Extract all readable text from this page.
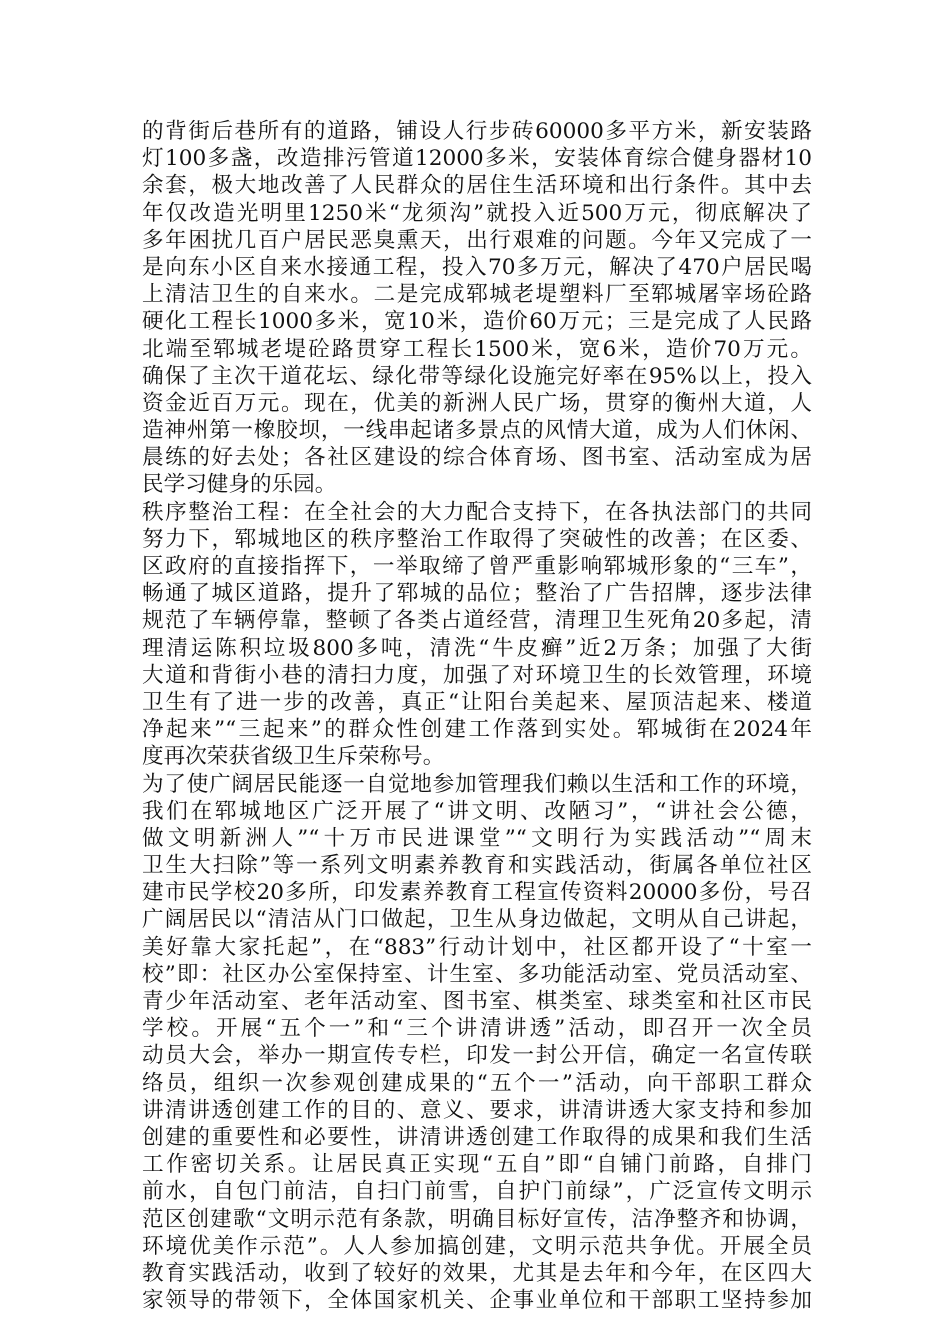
的背街后巷所有的道路，铺设人行步砖60000多平方米，新安装路
灯100多盏，改造排污管道12000多米，安装体育综合健身器材10
余套，极大地改善了人民群众的居住生活环境和出行条件。其中去
年仅改造光明里1250米“龙须沟”就投入近500万元，彻底解决了
多年困扰几百户居民恶臭熏天，出行艰难的问题。今年又完成了一
是向东小区自来水接通工程，投入70多万元，解决了470户居民喝
上清洁卫生的自来水。二是完成郓城老堤塑料厂至郓城屠宰场砼路
硬化工程长1000多米，宽10米，造价60万元；三是完成了人民路
北端至郓城老堤砼路贯穿工程长1500米，宽6米，造价70万元。
确保了主次干道花坛、绿化带等绿化设施完好率在95%以上，投入
资金近百万元。现在，优美的新洲人民广场，贯穿的衡州大道，人
造神州第一橡胶坝，一线串起诸多景点的风情大道，成为人们休闲、
晨练的好去处；各社区建设的综合体育场、图书室、活动室成为居
民学习健身的乐园。
秩序整治工程：在全社会的大力配合支持下，在各执法部门的共同
努力下，郓城地区的秩序整治工作取得了突破性的改善；在区委、
区政府的直接指挥下，一举取缔了曾严重影响郓城形象的“三车”，
畅通了城区道路，提升了郓城的品位；整治了广告招牌，逐步法律
规范了车辆停靠，整顿了各类占道经营，清理卫生死角20多起，清
理清运陈积垃圾800多吨，清洗“牛皮癣”近2万条；加强了大街
大道和背街小巷的清扫力度，加强了对环境卫生的长效管理，环境
卫生有了进一步的改善，真正“让阳台美起来、屋顶洁起来、楼道
净起来”“三起来”的群众性创建工作落到实处。郓城街在2024年
度再次荣获省级卫生斥荣称号。
为了使广阔居民能逐一自觉地参加管理我们赖以生活和工作的环境，
我们在郓城地区广泛开展了“讲文明、改陋习”，“讲社会公德，
做文明新洲人”“十万市民进课堂”“文明行为实践活动”“周末
卫生大扫除”等一系列文明素养教育和实践活动，街属各单位社区
建市民学校20多所，印发素养教育工程宣传资料20000多份，号召
广阔居民以“清洁从门口做起，卫生从身边做起，文明从自己讲起，
美好靠大家托起”，在“883”行动计划中，社区都开设了“十室一
校”即：社区办公室保持室、计生室、多功能活动室、党员活动室、
青少年活动室、老年活动室、图书室、棋类室、球类室和社区市民
学校。开展“五个一”和“三个讲清讲透”活动，即召开一次全员
动员大会，举办一期宣传专栏，印发一封公开信，确定一名宣传联
络员，组织一次参观创建成果的“五个一”活动，向干部职工群众
讲清讲透创建工作的目的、意义、要求，讲清讲透大家支持和参加
创建的重要性和必要性，讲清讲透创建工作取得的成果和我们生活
工作密切关系。让居民真正实现“五自”即“自铺门前路，自排门
前水，自包门前洁，自扫门前雪，自护门前绿”，广泛宣传文明示
范区创建歌“文明示范有条款，明确目标好宣传，洁净整齐和协调，
环境优美作示范”。人人参加搞创建，文明示范共争优。开展全员
教育实践活动，收到了较好的效果，尤其是去年和今年，在区四大
家领导的带领下，全体国家机关、企事业单位和干部职工坚持参加
